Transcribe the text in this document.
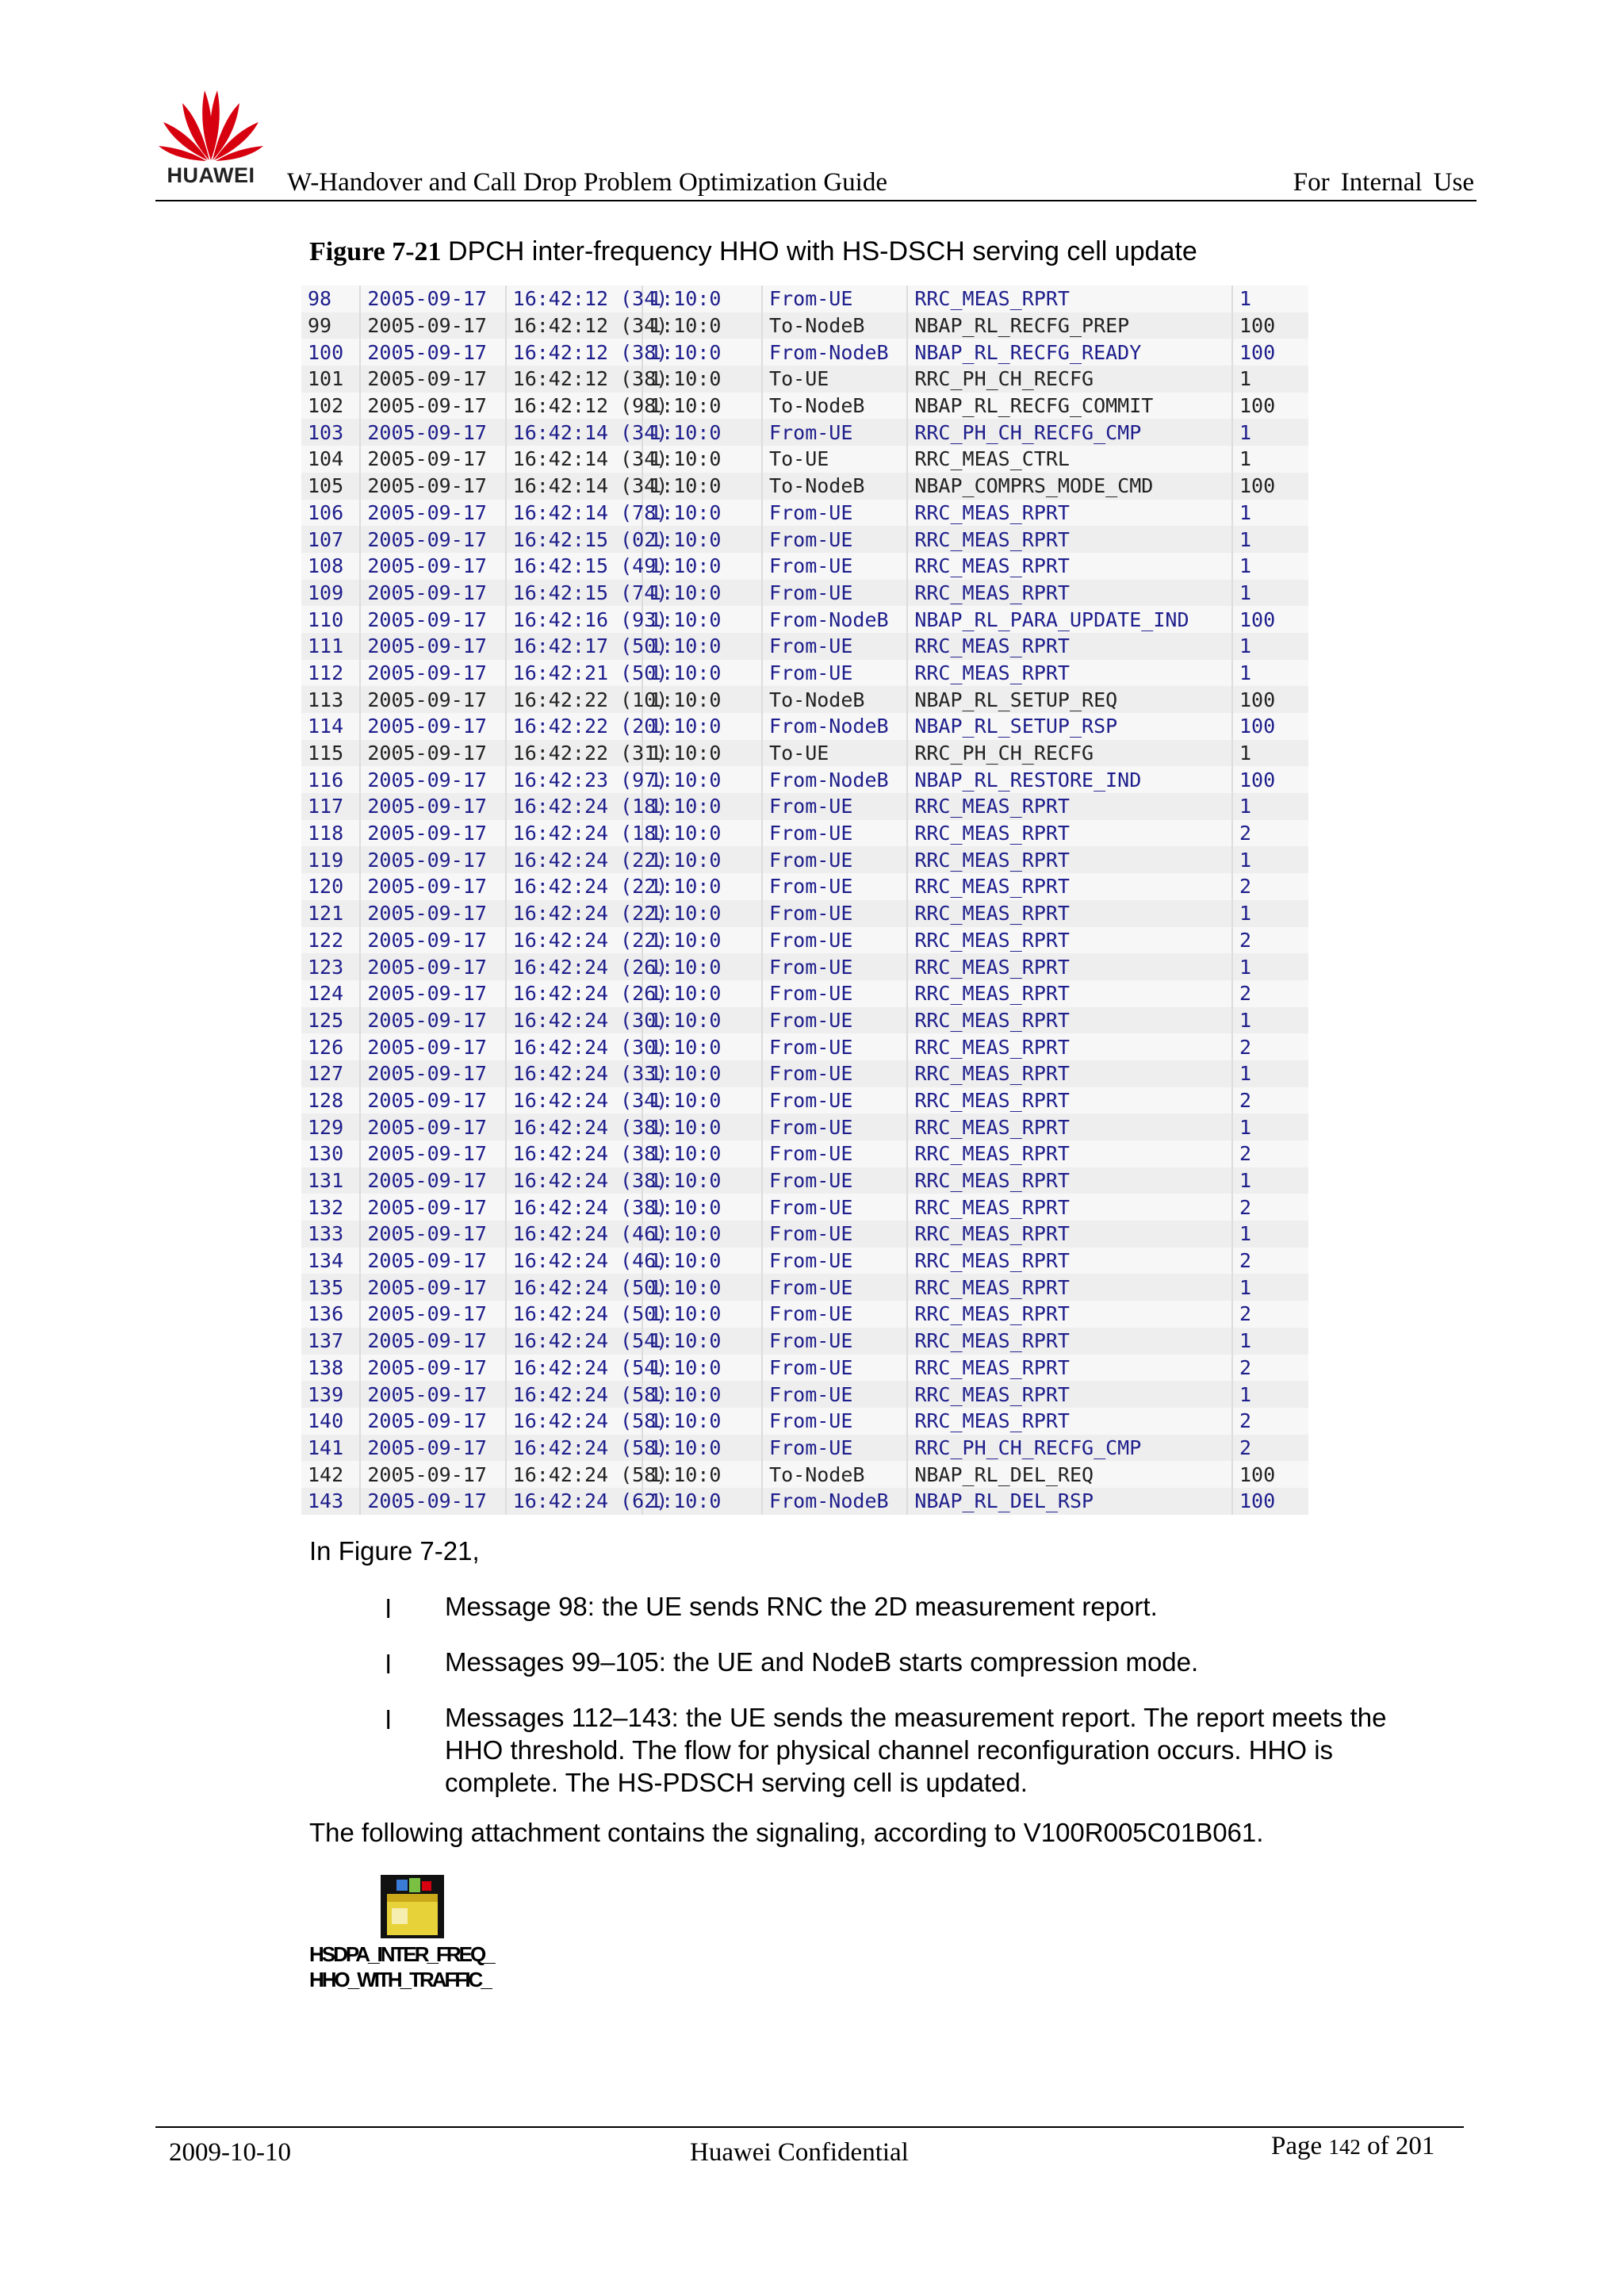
HUAWEI	W-Handover and Call Drop Problem Optimization Guide	For Internal Use
Figure 7-21 DPCH inter-frequency HHO with HS-DSCH serving cell update
98	2005-09-17	16:42:12 (34)	1:10:0	From-UE	RRC_MEAS_RPRT	1
99	2005-09-17	16:42:12 (34)	1:10:0	To-NodeB	NBAP_RL_RECFG_PREP	100
100	2005-09-17	16:42:12 (38)	1:10:0	From-NodeB	NBAP_RL_RECFG_READY	100
101	2005-09-17	16:42:12 (38)	1:10:0	To-UE	RRC_PH_CH_RECFG	1
102	2005-09-17	16:42:12 (98)	1:10:0	To-NodeB	NBAP_RL_RECFG_COMMIT	100
103	2005-09-17	16:42:14 (34)	1:10:0	From-UE	RRC_PH_CH_RECFG_CMP	1
104	2005-09-17	16:42:14 (34)	1:10:0	To-UE	RRC_MEAS_CTRL	1
105	2005-09-17	16:42:14 (34)	1:10:0	To-NodeB	NBAP_COMPRS_MODE_CMD	100
106	2005-09-17	16:42:14 (78)	1:10:0	From-UE	RRC_MEAS_RPRT	1
107	2005-09-17	16:42:15 (02)	1:10:0	From-UE	RRC_MEAS_RPRT	1
108	2005-09-17	16:42:15 (49)	1:10:0	From-UE	RRC_MEAS_RPRT	1
109	2005-09-17	16:42:15 (74)	1:10:0	From-UE	RRC_MEAS_RPRT	1
110	2005-09-17	16:42:16 (93)	1:10:0	From-NodeB	NBAP_RL_PARA_UPDATE_IND	100
111	2005-09-17	16:42:17 (50)	1:10:0	From-UE	RRC_MEAS_RPRT	1
112	2005-09-17	16:42:21 (50)	1:10:0	From-UE	RRC_MEAS_RPRT	1
113	2005-09-17	16:42:22 (10)	1:10:0	To-NodeB	NBAP_RL_SETUP_REQ	100
114	2005-09-17	16:42:22 (20)	1:10:0	From-NodeB	NBAP_RL_SETUP_RSP	100
115	2005-09-17	16:42:22 (31)	1:10:0	To-UE	RRC_PH_CH_RECFG	1
116	2005-09-17	16:42:23 (97)	1:10:0	From-NodeB	NBAP_RL_RESTORE_IND	100
117	2005-09-17	16:42:24 (18)	1:10:0	From-UE	RRC_MEAS_RPRT	1
118	2005-09-17	16:42:24 (18)	1:10:0	From-UE	RRC_MEAS_RPRT	2
119	2005-09-17	16:42:24 (22)	1:10:0	From-UE	RRC_MEAS_RPRT	1
120	2005-09-17	16:42:24 (22)	1:10:0	From-UE	RRC_MEAS_RPRT	2
121	2005-09-17	16:42:24 (22)	1:10:0	From-UE	RRC_MEAS_RPRT	1
122	2005-09-17	16:42:24 (22)	1:10:0	From-UE	RRC_MEAS_RPRT	2
123	2005-09-17	16:42:24 (26)	1:10:0	From-UE	RRC_MEAS_RPRT	1
124	2005-09-17	16:42:24 (26)	1:10:0	From-UE	RRC_MEAS_RPRT	2
125	2005-09-17	16:42:24 (30)	1:10:0	From-UE	RRC_MEAS_RPRT	1
126	2005-09-17	16:42:24 (30)	1:10:0	From-UE	RRC_MEAS_RPRT	2
127	2005-09-17	16:42:24 (33)	1:10:0	From-UE	RRC_MEAS_RPRT	1
128	2005-09-17	16:42:24 (34)	1:10:0	From-UE	RRC_MEAS_RPRT	2
129	2005-09-17	16:42:24 (38)	1:10:0	From-UE	RRC_MEAS_RPRT	1
130	2005-09-17	16:42:24 (38)	1:10:0	From-UE	RRC_MEAS_RPRT	2
131	2005-09-17	16:42:24 (38)	1:10:0	From-UE	RRC_MEAS_RPRT	1
132	2005-09-17	16:42:24 (38)	1:10:0	From-UE	RRC_MEAS_RPRT	2
133	2005-09-17	16:42:24 (46)	1:10:0	From-UE	RRC_MEAS_RPRT	1
134	2005-09-17	16:42:24 (46)	1:10:0	From-UE	RRC_MEAS_RPRT	2
135	2005-09-17	16:42:24 (50)	1:10:0	From-UE	RRC_MEAS_RPRT	1
136	2005-09-17	16:42:24 (50)	1:10:0	From-UE	RRC_MEAS_RPRT	2
137	2005-09-17	16:42:24 (54)	1:10:0	From-UE	RRC_MEAS_RPRT	1
138	2005-09-17	16:42:24 (54)	1:10:0	From-UE	RRC_MEAS_RPRT	2
139	2005-09-17	16:42:24 (58)	1:10:0	From-UE	RRC_MEAS_RPRT	1
140	2005-09-17	16:42:24 (58)	1:10:0	From-UE	RRC_MEAS_RPRT	2
141	2005-09-17	16:42:24 (58)	1:10:0	From-UE	RRC_PH_CH_RECFG_CMP	2
142	2005-09-17	16:42:24 (58)	1:10:0	To-NodeB	NBAP_RL_DEL_REQ	100
143	2005-09-17	16:42:24 (62)	1:10:0	From-NodeB	NBAP_RL_DEL_RSP	100
In Figure 7-21,
l Message 98: the UE sends RNC the 2D measurement report.
l Messages 99–105: the UE and NodeB starts compression mode.
l Messages 112–143: the UE sends the measurement report. The report meets the HHO threshold. The flow for physical channel reconfiguration occurs. HHO is complete. The HS-PDSCH serving cell is updated.
The following attachment contains the signaling, according to V100R005C01B061.
HSDPA_INTER_FREQ_
HHO_WITH_TRAFFIC_
2009-10-10	Huawei Confidential	Page 142 of 201
